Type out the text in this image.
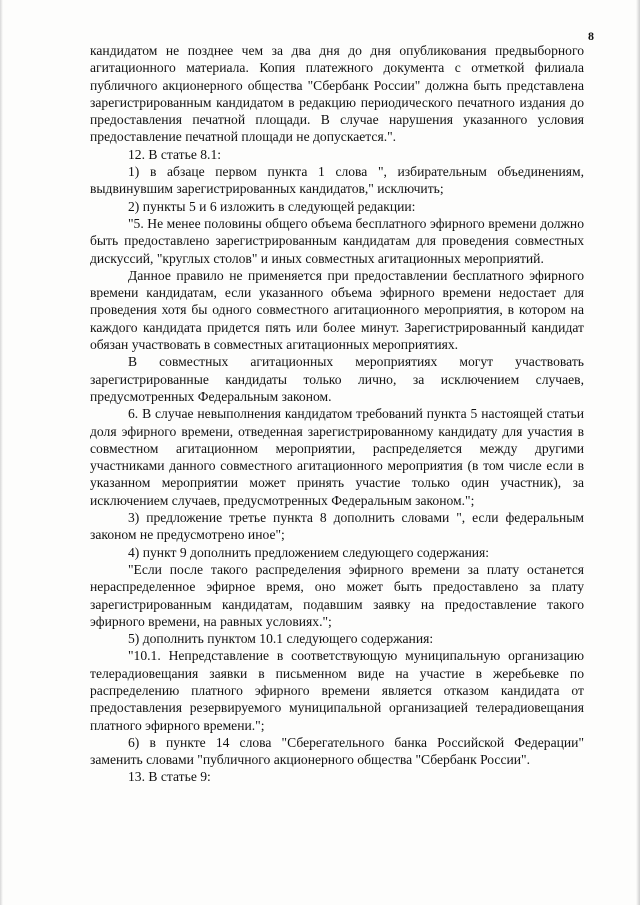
8

кандидатом не позднее чем за два дня до дня опубликования предвыборного агитационного материала. Копия платежного документа с отметкой филиала публичного акционерного общества "Сбербанк России" должна быть представлена зарегистрированным кандидатом в редакцию периодического печатного издания до предоставления печатной площади. В случае нарушения указанного условия предоставление печатной площади не допускается.".

12. В статье 8.1:

1) в абзаце первом пункта 1 слова ", избирательным объединениям, выдвинувшим зарегистрированных кандидатов," исключить;

2) пункты 5 и 6 изложить в следующей редакции:

"5. Не менее половины общего объема бесплатного эфирного времени должно быть предоставлено зарегистрированным кандидатам для проведения совместных дискуссий, "круглых столов" и иных совместных агитационных мероприятий.

Данное правило не применяется при предоставлении бесплатного эфирного времени кандидатам, если указанного объема эфирного времени недостает для проведения хотя бы одного совместного агитационного мероприятия, в котором на каждого кандидата придется пять или более минут. Зарегистрированный кандидат обязан участвовать в совместных агитационных мероприятиях.

В совместных агитационных мероприятиях могут участвовать зарегистрированные кандидаты только лично, за исключением случаев, предусмотренных Федеральным законом.

6. В случае невыполнения кандидатом требований пункта 5 настоящей статьи доля эфирного времени, отведенная зарегистрированному кандидату для участия в совместном агитационном мероприятии, распределяется между другими участниками данного совместного агитационного мероприятия (в том числе если в указанном мероприятии может принять участие только один участник), за исключением случаев, предусмотренных Федеральным законом.";

3) предложение третье пункта 8 дополнить словами ", если федеральным законом не предусмотрено иное";

4) пункт 9 дополнить предложением следующего содержания:

"Если после такого распределения эфирного времени за плату останется нераспределенное эфирное время, оно может быть предоставлено за плату зарегистрированным кандидатам, подавшим заявку на предоставление такого эфирного времени, на равных условиях.";

5) дополнить пунктом 10.1 следующего содержания:

"10.1. Непредставление в соответствующую муниципальную организацию телерадиовещания заявки в письменном виде на участие в жеребьевке по распределению платного эфирного времени является отказом кандидата от предоставления резервируемого муниципальной организацией телерадиовещания платного эфирного времени.";

6) в пункте 14 слова "Сберегательного банка Российской Федерации" заменить словами "публичного акционерного общества "Сбербанк России".

13. В статье 9:
